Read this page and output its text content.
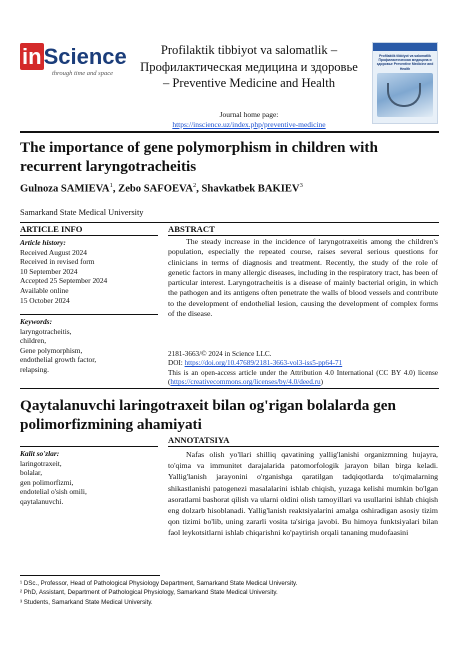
inScience
through time and space
Profilaktik tibbiyot va salomatlik – Профилактическая медицина и здоровье – Preventive Medicine and Health
Journal home page:
https://inscience.uz/index.php/preventive-medicine
Profilaktik tibbiyot va salomatlik Профилактическая медицина и здоровье Preventive Medicine and Health
The importance of gene polymorphism in children with recurrent laryngotracheitis
Gulnoza SAMIEVA$^1$, Zebo SAFOEVA$^2$, Shavkatbek BAKIEV$^3$
Samarkand State Medical University
ARTICLE INFO
Article history:
Received August 2024
Received in revised form
10 September 2024
Accepted 25 September 2024
Available online
15 October 2024
Keywords:
laryngotracheitis,
children,
Gene polymorphism,
endothelial growth factor,
relapsing.
ABSTRACT

The steady increase in the incidence of laryngotraxeitis among the children's population, especially the repeated course, raises several serious questions for clinicians in terms of diagnosis and treatment. Recently, the study of the role of genetic factors in many allergic diseases, including in the respiratory tract, has been of particular interest. Laryngotracheitis is a disease of mainly bacterial origin, in which the pathogen and its antigens often penetrate the walls of blood vessels and contribute to the development of endothelial lesion, causing the development of complex forms of the disease.

2181-3663/© 2024 in Science LLC.
DOI: https://doi.org/10.47689/2181-3663-vol3-iss5-pp64-71
This is an open-access article under the Attribution 4.0 International (CC BY 4.0) license (https://creativecommons.org/licenses/by/4.0/deed.ru)
Qaytalanuvchi laringotraxeit bilan og'rigan bolalarda gen polimorfizmining ahamiyati
Kalit so'zlar:
laringotraxeit,
bolalar,
gen polimorfizmi,
endotelial o'sish omili,
qaytalanuvchi.
ANNOTATSIYA

Nafas olish yo'llari shilliq qavatining yallig'lanishi organizmning hujayra, to'qima va immunitet darajalarida patomorfologik jarayon bilan birga keladi. Yallig'lanish jarayonini o'rganishga qaratilgan tadqiqotlarda to'qimalarning shikastlanishi patogenezi masalalarini ishlab chiqish, yuzaga kelishi mumkin bo'lgan asoratlarni bashorat qilish va ularni oldini olish tamoyillari va usullarini ishlab chiqish eng dolzarb hisoblanadi. Yallig'lanish reaktsiyalarini amalga oshiradigan asosiy tizim qon tizimi bo'lib, uning zararli vosita ta'siriga javobi. Bu himoya funktsiyalari bilan faol leykotsitlarni ishlab chiqarishni ko'paytirish orqali tananing mudofaasini

¹ DSc., Professor, Head of Pathological Physiology Department, Samarkand State Medical University.
² PhD, Assistant, Department of Pathological Physiology, Samarkand State Medical University.
³ Students, Samarkand State Medical University.
